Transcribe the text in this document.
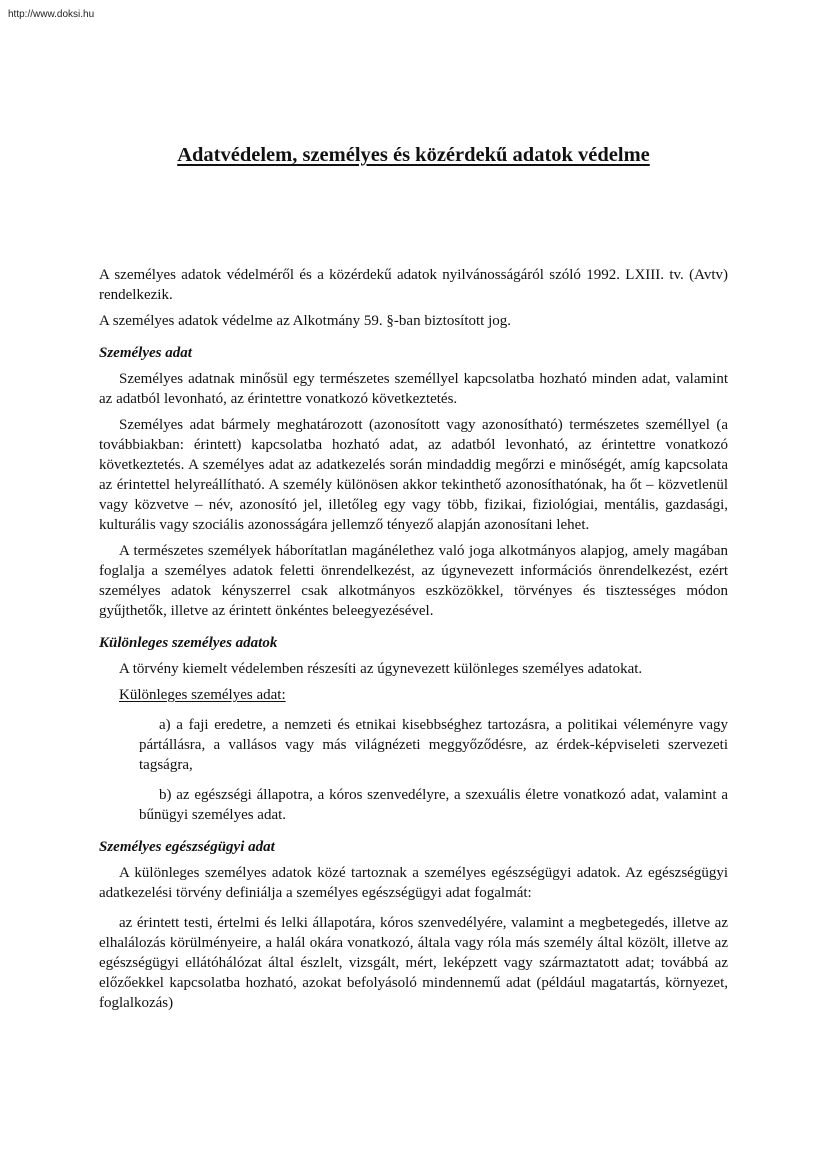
http://www.doksi.hu
Adatvédelem, személyes és közérdekű adatok védelme

A személyes adatok védelméről és a közérdekű adatok nyilvánosságáról szóló 1992. LXIII. tv. (Avtv) rendelkezik.

A személyes adatok védelme az Alkotmány 59. §-ban biztosított jog.

Személyes adat

Személyes adatnak minősül egy természetes személlyel kapcsolatba hozható minden adat, valamint az adatból levonható, az érintettre vonatkozó következtetés.

Személyes adat bármely meghatározott (azonosított vagy azonosítható) természetes személlyel (a továbbiakban: érintett) kapcsolatba hozható adat, az adatból levonható, az érintettre vonatkozó következtetés. A személyes adat az adatkezelés során mindaddig megőrzi e minőségét, amíg kapcsolata az érintettel helyreállítható. A személy különösen akkor tekinthető azonosíthatónak, ha őt – közvetlenül vagy közvetve – név, azonosító jel, illetőleg egy vagy több, fizikai, fiziológiai, mentális, gazdasági, kulturális vagy szociális azonosságára jellemző tényező alapján azonosítani lehet.

A természetes személyek háborítatlan magánélethez való joga alkotmányos alapjog, amely magában foglalja a személyes adatok feletti önrendelkezést, az úgynevezett információs önrendelkezést, ezért személyes adatok kényszerrel csak alkotmányos eszközökkel, törvényes és tisztességes módon gyűjthetők, illetve az érintett önkéntes beleegyezésével.

Különleges személyes adatok

A törvény kiemelt védelemben részesíti az úgynevezett különleges személyes adatokat.

Különleges személyes adat:

a) a faji eredetre, a nemzeti és etnikai kisebbséghez tartozásra, a politikai véleményre vagy pártállásra, a vallásos vagy más világnézeti meggyőződésre, az érdek-képviseleti szervezeti tagságra,

b) az egészségi állapotra, a kóros szenvedélyre, a szexuális életre vonatkozó adat, valamint a bűnügyi személyes adat.

Személyes egészségügyi adat

A különleges személyes adatok közé tartoznak a személyes egészségügyi adatok. Az egészségügyi adatkezelési törvény definiálja a személyes egészségügyi adat fogalmát:

az érintett testi, értelmi és lelki állapotára, kóros szenvedélyére, valamint a megbetegedés, illetve az elhalálozás körülményeire, a halál okára vonatkozó, általa vagy róla más személy által közölt, illetve az egészségügyi ellátóhálózat által észlelt, vizsgált, mért, leképzett vagy származtatott adat; továbbá az előzőekkel kapcsolatba hozható, azokat befolyásoló mindennemű adat (például magatartás, környezet, foglalkozás)
